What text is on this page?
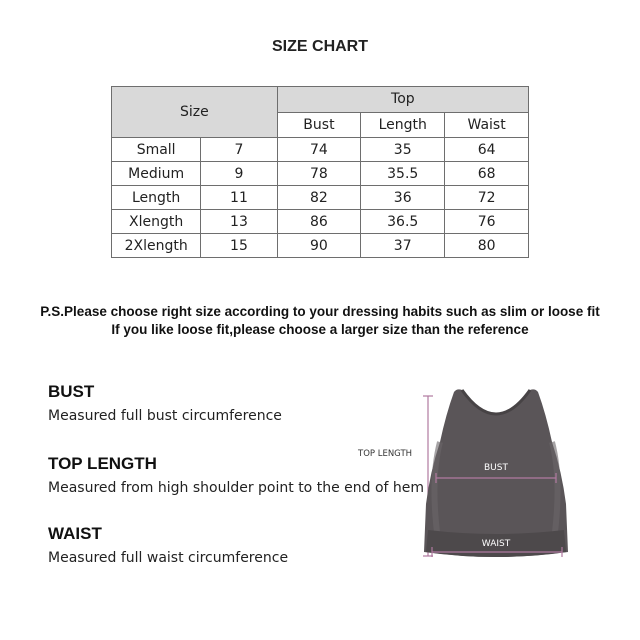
SIZE CHART
Size		Top		
		Bust	Length	Waist
Small	7	74	35	64
Medium	9	78	35.5	68
Length	11	82	36	72
Xlength	13	86	36.5	76
2Xlength	15	90	37	80
P.S.Please choose right size according to your dressing habits such as slim or loose fit
If you like loose fit,please choose a larger size than the reference
BUST
Measured full bust circumference
TOP LENGTH
Measured from high shoulder point to the end of hem
WAIST
Measured full waist circumference
TOP LENGTH
BUST
WAIST
